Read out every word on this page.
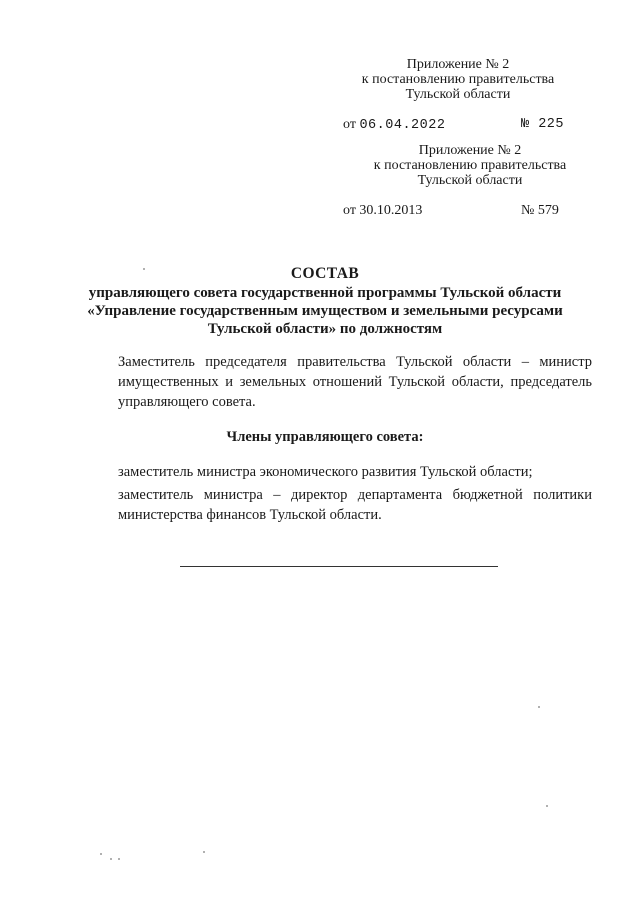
Приложение № 2
к постановлению правительства
Тульской области
от 06.04.2022	№ 225
Приложение № 2
к постановлению правительства
Тульской области
от 30.10.2013	№ 579
СОСТАВ
управляющего совета государственной программы Тульской области
«Управление государственным имуществом и земельными ресурсами
Тульской области» по должностям

Заместитель председателя правительства Тульской области – министр имущественных и земельных отношений Тульской области, председатель управляющего совета.

Члены управляющего совета:
заместитель министра экономического развития Тульской области;
заместитель министра – директор департамента бюджетной политики министерства финансов Тульской области.
